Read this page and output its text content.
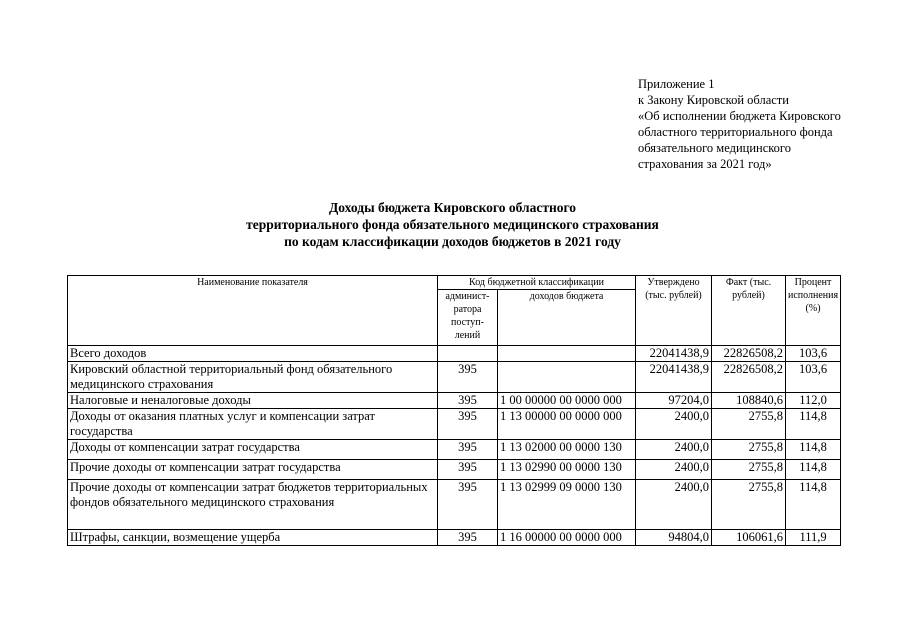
Приложение 1
к Закону Кировской области
«Об исполнении бюджета Кировского
областного территориального фонда
обязательного медицинского
страхования за 2021 год»
Доходы бюджета Кировского областного
территориального фонда обязательного медицинского страхования
по кодам классификации доходов бюджетов в 2021 году
Наименование показателя	Код бюджетной классификации		Утверждено (тыс. рублей)	Факт (тыс. рублей)	Процент исполнения (%)
	админист-ратора поступ-лений	доходов бюджета			
Всего доходов			22041438,9	22826508,2	103,6
Кировский областной территориальный фонд обязательного медицинского страхования	395		22041438,9	22826508,2	103,6
Налоговые и неналоговые доходы	395	1 00 00000 00 0000 000	97204,0	108840,6	112,0
Доходы от оказания платных услуг и компенсации затрат государства	395	1 13 00000 00 0000 000	2400,0	2755,8	114,8
Доходы от компенсации затрат государства	395	1 13 02000 00 0000 130	2400,0	2755,8	114,8
Прочие доходы от компенсации затрат государства	395	1 13 02990 00 0000 130	2400,0	2755,8	114,8
Прочие доходы от компенсации затрат бюджетов территориальных фондов обязательного медицинского страхования	395	1 13 02999 09 0000 130	2400,0	2755,8	114,8
Штрафы, санкции, возмещение ущерба	395	1 16 00000 00 0000 000	94804,0	106061,6	111,9
